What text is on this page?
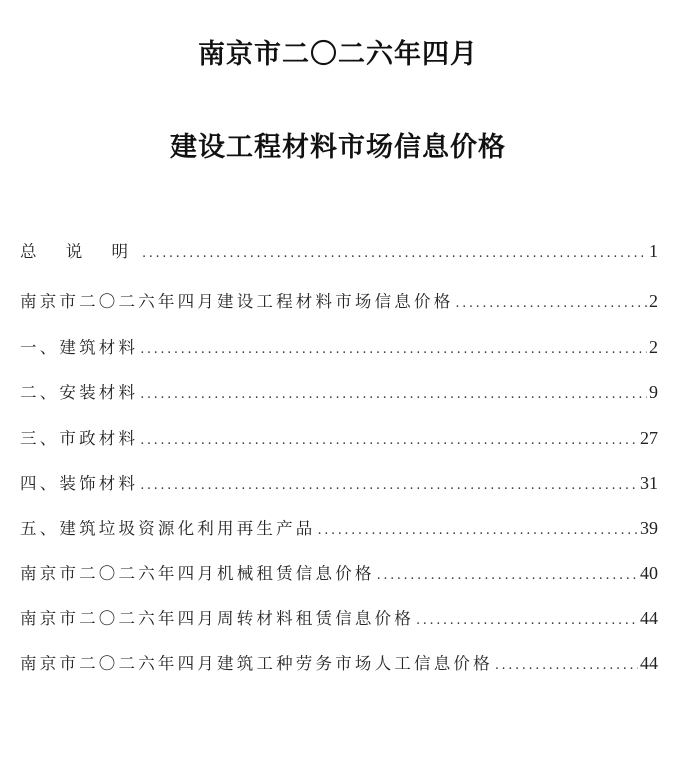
南京市二〇二六年四月
建设工程材料市场信息价格
总 说 明 .....	1
南京市二〇二六年四月建设工程材料市场信息价格 .....	2
一、建筑材料 .....	2
二、安装材料 .....	9
三、市政材料 .....	27
四、装饰材料 .....	31
五、建筑垃圾资源化利用再生产品 .....	39
南京市二〇二六年四月机械租赁信息价格 .....	40
南京市二〇二六年四月周转材料租赁信息价格 .....	44
南京市二〇二六年四月建筑工种劳务市场人工信息价格 .....	44
